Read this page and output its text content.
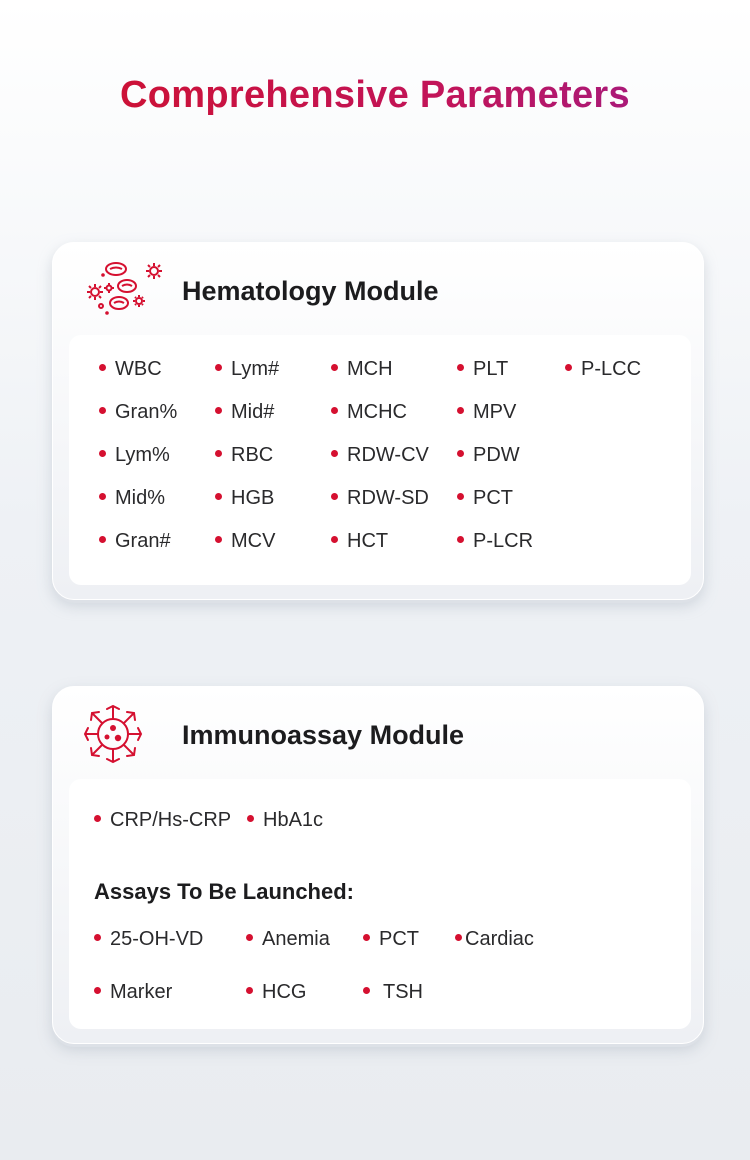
Comprehensive Parameters
Hematology Module
WBC
Gran%
Lym%
Mid%
Gran#
Lym#
Mid#
RBC
HGB
MCV
MCH
MCHC
RDW-CV
RDW-SD
HCT
PLT
MPV
PDW
PCT
P-LCR
P-LCC
Immunoassay Module
CRP/Hs-CRP	HbA1c
Assays To Be Launched:
25-OH-VD	Anemia	PCT	Cardiac
Marker	HCG	TSH
